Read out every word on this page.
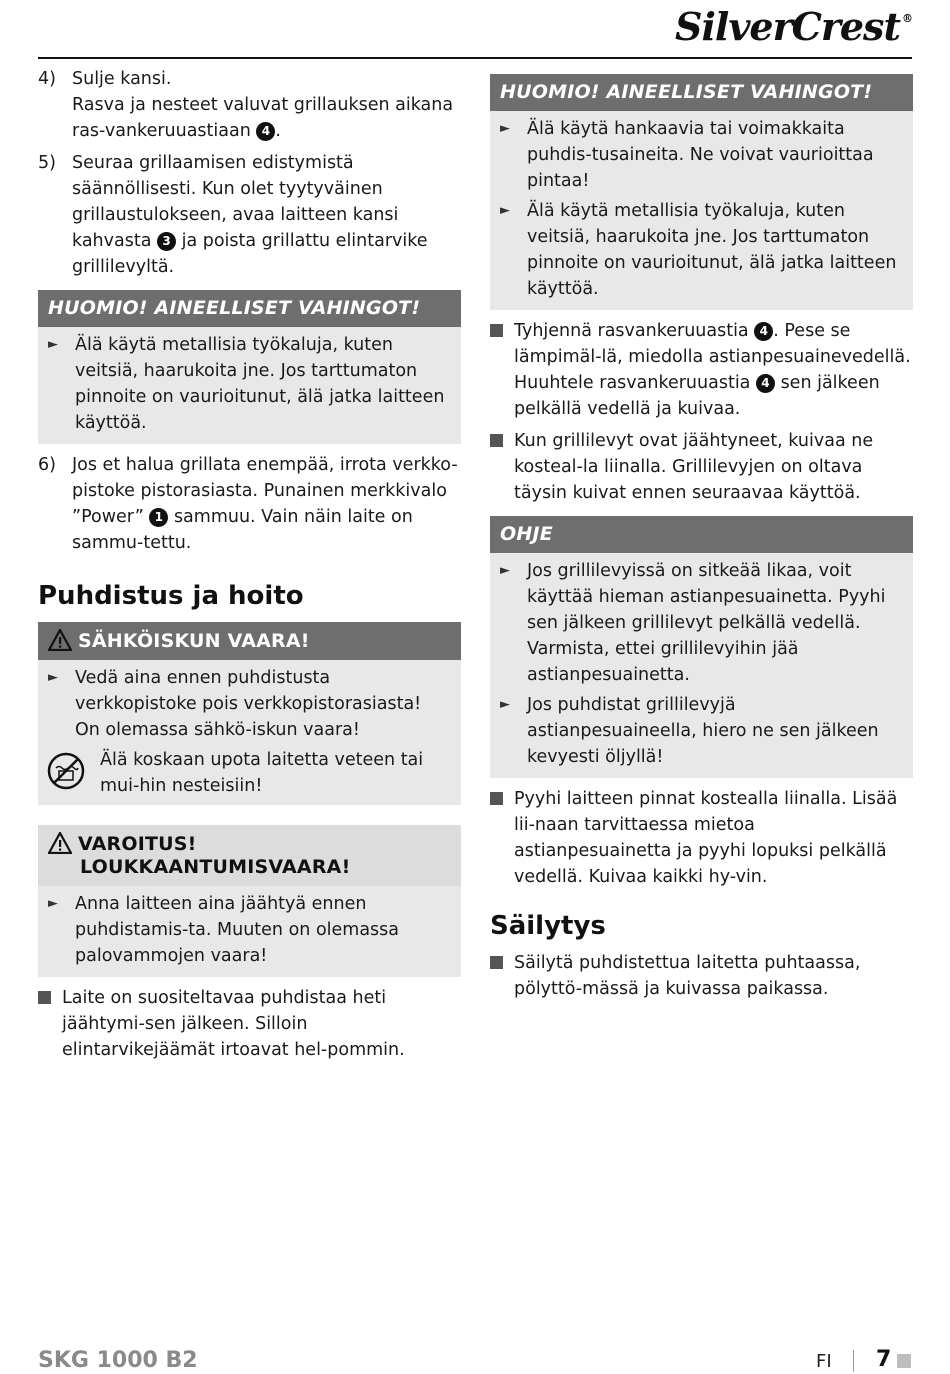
SilverCrest ®
4) Sulje kansi.
Rasva ja nesteet valuvat grillauksen aikana ras-vankeruuastiaan 4 .
5) Seuraa grillaamisen edistymistä säännöllisesti. Kun olet tyytyväinen grillaustulokseen, avaa laitteen kansi kahvasta 3 ja poista grillattu elintarvike grillilevyltä.
HUOMIO! AINEELLISET VAHINGOT!
► Älä käytä metallisia työkaluja, kuten veitsiä, haarukoita jne. Jos tarttumaton pinnoite on vaurioitunut, älä jatka laitteen käyttöä.
6) Jos et halua grillata enempää, irrota verkko-pistoke pistorasiasta. Punainen merkkivalo ”Power” 1 sammuu. Vain näin laite on sammu-tettu.
Puhdistus ja hoito
SÄHKÖISKUN VAARA!
► Vedä aina ennen puhdistusta verkkopistoke pois verkkopistorasiasta! On olemassa sähkö-iskun vaara!
Älä koskaan upota laitetta veteen tai mui-hin nesteisiin!
VAROITUS!
LOUKKAANTUMISVAARA!
► Anna laitteen aina jäähtyä ennen puhdistamis-ta. Muuten on olemassa palovammojen vaara!
Laite on suositeltavaa puhdistaa heti jäähtymi-sen jälkeen. Silloin elintarvikejäämät irtoavat hel-pommin.
HUOMIO! AINEELLISET VAHINGOT!
► Älä käytä hankaavia tai voimakkaita puhdis-tusaineita. Ne voivat vaurioittaa pintaa!
► Älä käytä metallisia työkaluja, kuten veitsiä, haarukoita jne. Jos tarttumaton pinnoite on vaurioitunut, älä jatka laitteen käyttöä.
Tyhjennä rasvankeruuastia 4 . Pese se lämpimäl-lä, miedolla astianpesuainevedellä. Huuhtele rasvankeruuastia 4 sen jälkeen pelkällä vedellä ja kuivaa.
Kun grillilevyt ovat jäähtyneet, kuivaa ne kosteal-la liinalla. Grillilevyjen on oltava täysin kuivat ennen seuraavaa käyttöä.
OHJE
► Jos grillilevyissä on sitkeää likaa, voit käyttää hieman astianpesuainetta. Pyyhi sen jälkeen grillilevyt pelkällä vedellä. Varmista, ettei grillilevyihin jää astianpesuainetta.
► Jos puhdistat grillilevyjä astianpesuaineella, hiero ne sen jälkeen kevyesti öljyllä!
Pyyhi laitteen pinnat kostealla liinalla. Lisää lii-naan tarvittaessa mietoa astianpesuainetta ja pyyhi lopuksi pelkällä vedellä. Kuivaa kaikki hy-vin.
Säilytys
Säilytä puhdistettua laitetta puhtaassa, pölyttö-mässä ja kuivassa paikassa.
SKG 1000 B2	FI 7
